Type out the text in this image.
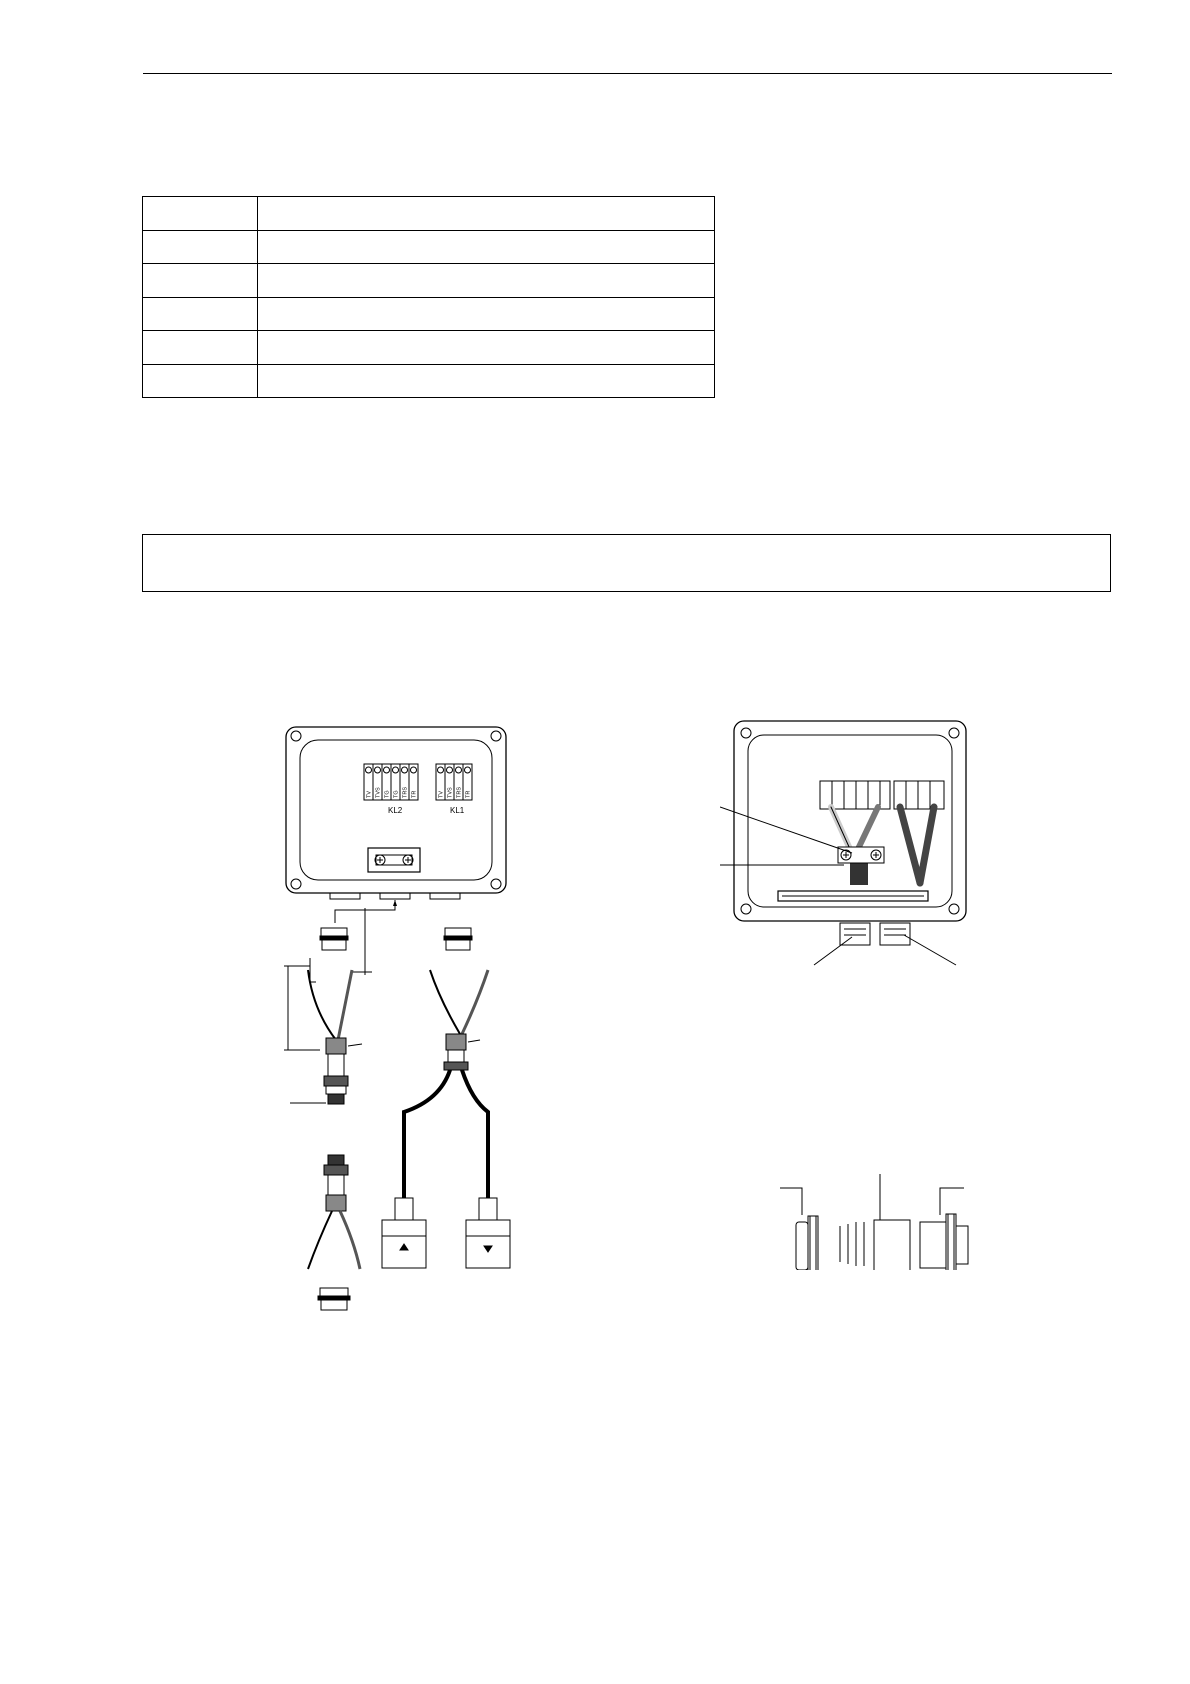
TV TVS TG TG TRS TR	TV TVS TRS TR
KL2	KL1
